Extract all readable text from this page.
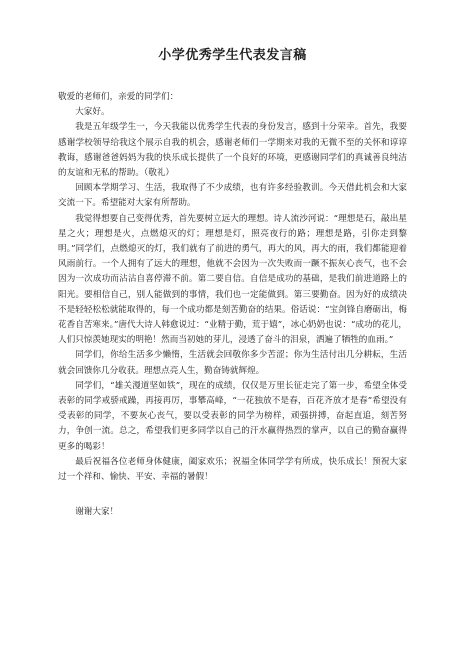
小学优秀学生代表发言稿

敬爱的老师们，亲爱的同学们：

大家好。

我是五年级学生一，今天我能以优秀学生代表的身份发言，感到十分荣幸。首先，我要感谢学校领导给我这个展示自我的机会，感谢老师们一学期来对我的无微不至的关怀和谆谆教诲，感谢爸爸妈妈为我的快乐成长提供了一个良好的环境，更感谢同学们的真诚善良纯洁的友谊和无私的帮助。（敬礼）

回顾本学期学习、生活，我取得了不少成绩，也有许多经验教训。今天借此机会和大家交流一下。希望能对大家有所帮助。

我觉得想要自己变得优秀，首先要树立远大的理想。诗人流沙河说：“理想是石，敲出星星之火；理想是火，点燃熄灭的灯；理想是灯，照亮夜行的路；理想是路，引你走到黎明。”同学们，点燃熄灭的灯，我们就有了前进的勇气，再大的风，再大的雨，我们都能迎着风雨前行。一个人拥有了远大的理想，他就不会因为一次失败而一蹶不振灰心丧气，也不会因为一次成功而沾沾自喜停滞不前。第二要自信。自信是成功的基础，是我们前进道路上的阳光。要相信自己，别人能做到的事情，我们也一定能做到。第三要勤奋。因为好的成绩决不是轻轻松松就能取得的，每一个成功都是刻苦勤奋的结果。俗话说：“宝剑锋自磨砺出，梅花香自苦寒来。”唐代大诗人韩愈说过：“业精于勤，荒于嬉”，冰心奶奶也说：“成功的花儿，人们只惊羡她现实的明艳！然而当初她的芽儿，浸透了奋斗的泪泉，洒遍了牺牲的血雨。”

同学们，你给生活多少懒惰，生活就会回敬你多少苦涩；你为生活付出几分耕耘，生活就会回馈你几分收获。理想点亮人生，勤奋铸就辉煌。

同学们，“雄关漫道坚如铁”，现在的成绩，仅仅是万里长征走完了第一步，希望全体受表彰的同学戒骄戒躁，再接再厉，事攀高峰，“一花独放不是春，百花齐放才是春”希望没有受表彰的同学，不要灰心丧气，要以受表彰的同学为榜样，顽强拼搏，奋起直追，刻苦努力，争创一流。总之，希望我们更多同学以自己的汗水赢得热烈的掌声，以自己的勤奋赢得更多的喝彩！

最后祝福各位老师身体健康，阖家欢乐；祝福全体同学学有所成，快乐成长！预祝大家过一个祥和、愉快、平安、幸福的暑假！

谢谢大家！
